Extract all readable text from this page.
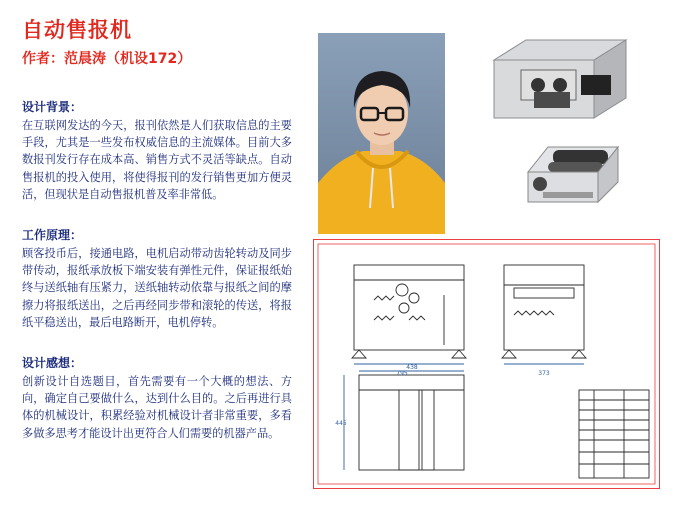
自动售报机
作者：范晨涛（机设172）
设计背景：

在互联网发达的今天，报刊依然是人们获取信息的主要手段，尤其是一些发布权威信息的主流媒体。目前大多数报刊发行存在成本高、销售方式不灵活等缺点。自动售报机的投入使用，将使得报刊的发行销售更加方便灵活，但现状是自动售报机普及率非常低。

工作原理：

顾客投币后，接通电路，电机启动带动齿轮转动及同步带传动，报纸承放板下端安装有弹性元件，保证报纸始终与送纸轴有压紧力，送纸轴转动依靠与报纸之间的摩擦力将报纸送出，之后再经同步带和滚轮的传送，将报纸平稳送出，最后电路断开，电机停转。

设计感想：

创新设计自选题目，首先需要有一个大概的想法、方向，确定自己要做什么，达到什么目的。之后再进行具体的机械设计，积累经验对机械设计者非常重要，多看多做多思考才能设计出更符合人们需要的机器产品。

795	373
438
445
